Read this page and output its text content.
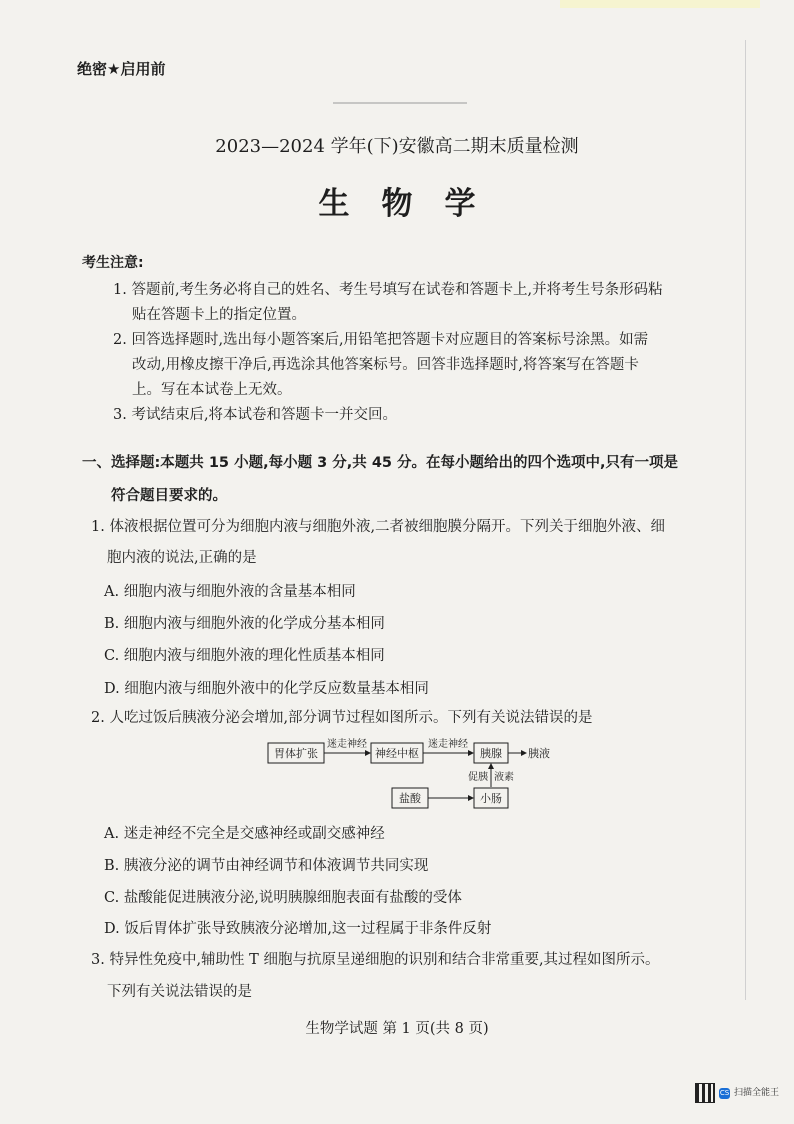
绝密★启用前
2023—2024 学年(下)安徽高二期末质量检测
生物学
考生注意:
1. 答题前,考生务必将自己的姓名、考生号填写在试卷和答题卡上,并将考生号条形码粘
贴在答题卡上的指定位置。
2. 回答选择题时,选出每小题答案后,用铅笔把答题卡对应题目的答案标号涂黑。如需
改动,用橡皮擦干净后,再选涂其他答案标号。回答非选择题时,将答案写在答题卡
上。写在本试卷上无效。
3. 考试结束后,将本试卷和答题卡一并交回。
一、选择题:本题共 15 小题,每小题 3 分,共 45 分。在每小题给出的四个选项中,只有一项是
符合题目要求的。
1. 体液根据位置可分为细胞内液与细胞外液,二者被细胞膜分隔开。下列关于细胞外液、细
胞内液的说法,正确的是
A. 细胞内液与细胞外液的含量基本相同
B. 细胞内液与细胞外液的化学成分基本相同
C. 细胞内液与细胞外液的理化性质基本相同
D. 细胞内液与细胞外液中的化学反应数量基本相同
2. 人吃过饭后胰液分泌会增加,部分调节过程如图所示。下列有关说法错误的是
胃体扩张
迷走神经
神经中枢
迷走神经
胰腺 胰液
促胰 液素
盐酸	小肠
A. 迷走神经不完全是交感神经或副交感神经
B. 胰液分泌的调节由神经调节和体液调节共同实现
C. 盐酸能促进胰液分泌,说明胰腺细胞表面有盐酸的受体
D. 饭后胃体扩张导致胰液分泌增加,这一过程属于非条件反射
3. 特异性免疫中,辅助性 T 细胞与抗原呈递细胞的识别和结合非常重要,其过程如图所示。
下列有关说法错误的是
生物学试题 第 1 页(共 8 页)
CS 扫描全能王
